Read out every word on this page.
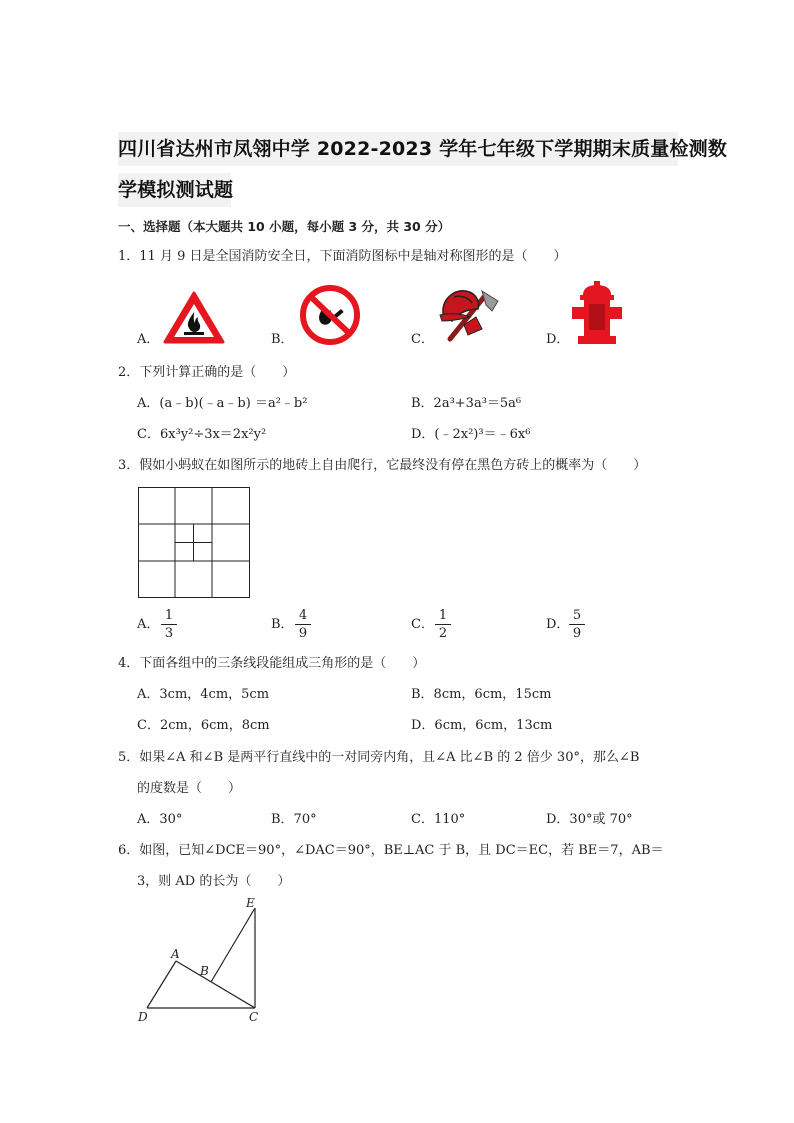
四川省达州市凤翎中学 2022-2023 学年七年级下学期期末质量检测数
学模拟测试题
一、选择题（本大题共 10 小题，每小题 3 分，共 30 分）
1．11 月 9 日是全国消防安全日，下面消防图标中是轴对称图形的是（　　）
A．	B．	C．	D．
2．下列计算正确的是（　　）
A．(a﹣b)(﹣a﹣b) ＝a²﹣b²	B．2a³+3a³＝5a⁶
C．6x³y²÷3x＝2x²y²	D．(﹣2x²)³＝﹣6x⁶
3．假如小蚂蚁在如图所示的地砖上自由爬行，它最终没有停在黑色方砖上的概率为（　　）
A．
1
3
B．
4
9
C．
1
2
D．
5
9
4．下面各组中的三条线段能组成三角形的是（　　）
A．3cm，4cm，5cm	B．8cm，6cm，15cm
C．2cm，6cm，8cm	D．6cm，6cm，13cm
5．如果∠A 和∠B 是两平行直线中的一对同旁内角，且∠A 比∠B 的 2 倍少 30°，那么∠B
的度数是（　　）
A．30°	B．70°	C．110°	D．30°或 70°
6．如图，已知∠DCE＝90°，∠DAC＝90°，BE⊥AC 于 B，且 DC＝EC，若 BE＝7，AB＝
3，则 AD 的长为（　　）
E
A
B
D	C
